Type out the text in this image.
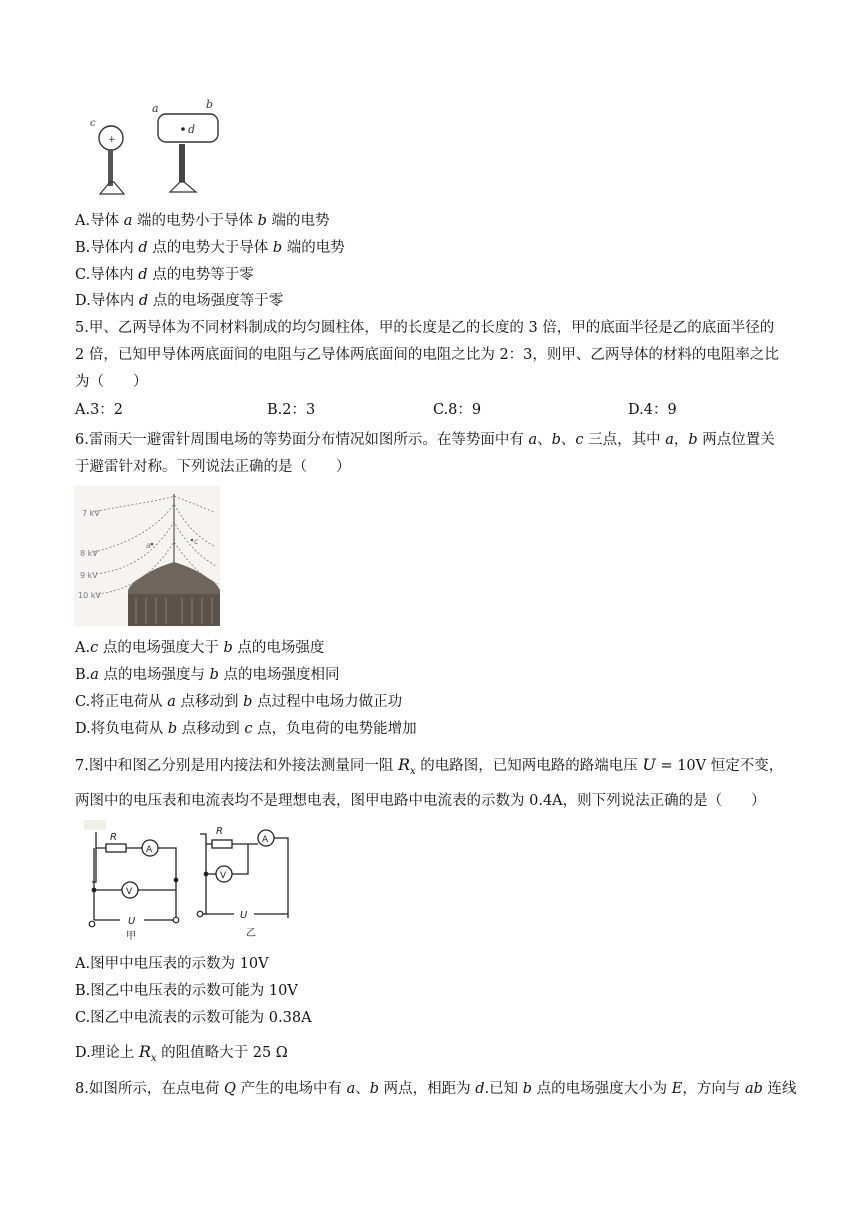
+
c
a	b
d
A.导体 a 端的电势小于导体 b 端的电势
B.导体内 d 点的电势大于导体 b 端的电势
C.导体内 d 点的电势等于零
D.导体内 d 点的电场强度等于零
5.甲、乙两导体为不同材料制成的均匀圆柱体，甲的长度是乙的长度的 3 倍，甲的底面半径是乙的底面半径的
2 倍，已知甲导体两底面间的电阻与乙导体两底面间的电阻之比为 2：3，则甲、乙两导体的材料的电阻率之比
为（　　）
A.3：2	B.2：3	C.8：9	D.4：9
6.雷雨天一避雷针周围电场的等势面分布情况如图所示。在等势面中有 a、b、c 三点，其中 a，b 两点位置关
于避雷针对称。下列说法正确的是（　　）
7 kV
8 kV
9 kV
10 kV
a	c
A.c 点的电场强度大于 b 点的电场强度
B.a 点的电场强度与 b 点的电场强度相同
C.将正电荷从 a 点移动到 b 点过程中电场力做正功
D.将负电荷从 b 点移动到 c 点，负电荷的电势能增加
7.图中和图乙分别是用内接法和外接法测量同一阻 $R_x$ 的电路图，已知两电路的路端电压 U = 10V 恒定不变，
两图中的电压表和电流表均不是理想电表，图甲电路中电流表的示数为 0.4A，则下列说法正确的是（　　）
R
A
V
U
甲
R
A
V
U
乙
A.图甲中电压表的示数为 10V
B.图乙中电压表的示数可能为 10V
C.图乙中电流表的示数可能为 0.38A
D.理论上 $R_x$ 的阻值略大于 25 Ω
8.如图所示，在点电荷 Q 产生的电场中有 a、b 两点，相距为 d.已知 b 点的电场强度大小为 E，方向与 ab 连线
